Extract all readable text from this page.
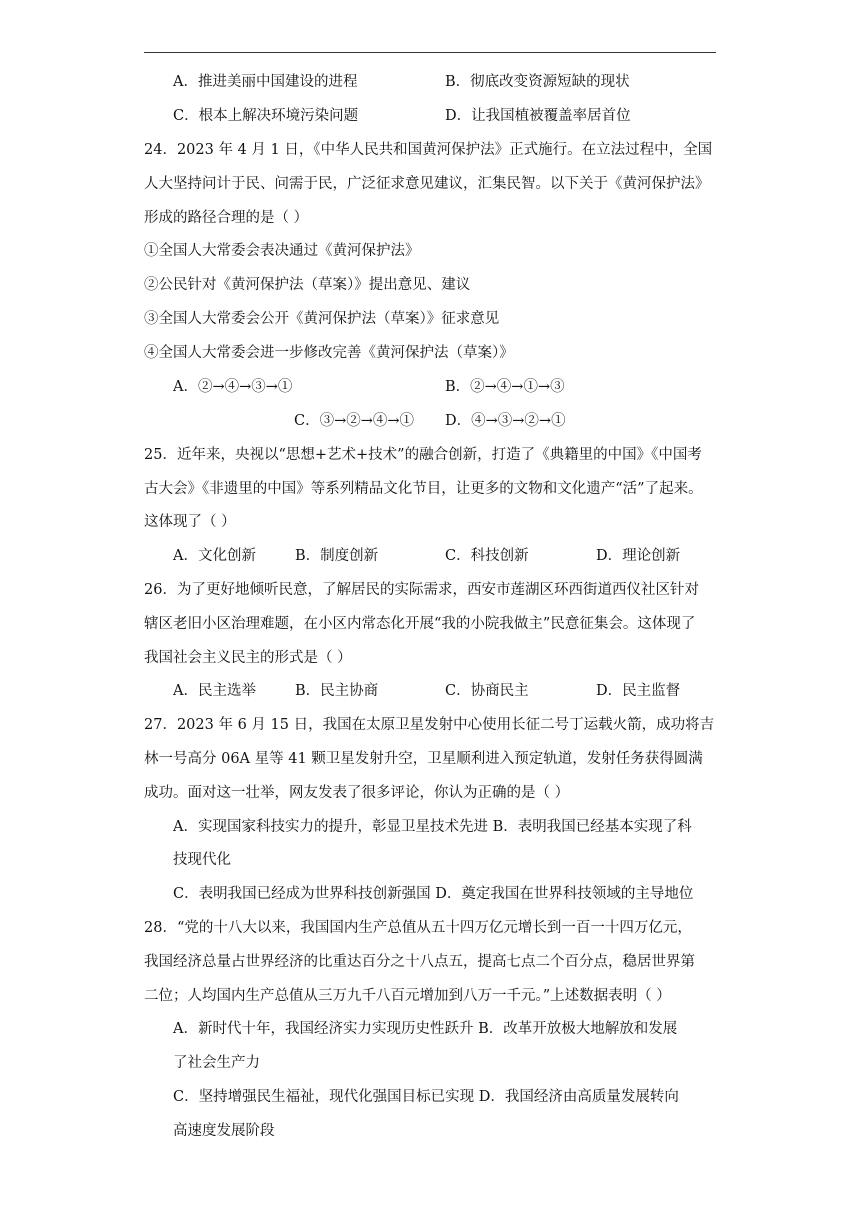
A．推进美丽中国建设的进程	B．彻底改变资源短缺的现状
C．根本上解决环境污染问题	D．让我国植被覆盖率居首位
24．2023 年 4 月 1 日，《中华人民共和国黄河保护法》正式施行。在立法过程中，全国
人大坚持问计于民、问需于民，广泛征求意见建议，汇集民智。以下关于《黄河保护法》
形成的路径合理的是（ ）
①全国人大常委会表决通过《黄河保护法》
②公民针对《黄河保护法（草案）》提出意见、建议
③全国人大常委会公开《黄河保护法（草案）》征求意见
④全国人大常委会进一步修改完善《黄河保护法（草案）》
A．②→④→③→①	B．②→④→①→③
C．③→②→④→① D．④→③→②→①
25．近年来，央视以“思想+艺术+技术”的融合创新，打造了《典籍里的中国》《中国考
古大会》《非遗里的中国》等系列精品文化节目，让更多的文物和文化遗产“活”了起来。
这体现了（ ）
A．文化创新	B．制度创新	C．科技创新	D．理论创新
26．为了更好地倾听民意，了解居民的实际需求，西安市莲湖区环西街道西仪社区针对
辖区老旧小区治理难题，在小区内常态化开展“我的小院我做主”民意征集会。这体现了
我国社会主义民主的形式是（ ）
A．民主选举	B．民主协商	C．协商民主	D．民主监督
27．2023 年 6 月 15 日，我国在太原卫星发射中心使用长征二号丁运载火箭，成功将吉
林一号高分 06A 星等 41 颗卫星发射升空，卫星顺利进入预定轨道，发射任务获得圆满
成功。面对这一壮举，网友发表了很多评论，你认为正确的是（ ）
A．实现国家科技实力的提升，彰显卫星技术先进 B．表明我国已经基本实现了科
技现代化
C．表明我国已经成为世界科技创新强国 D．奠定我国在世界科技领域的主导地位
28．“党的十八大以来，我国国内生产总值从五十四万亿元增长到一百一十四万亿元，
我国经济总量占世界经济的比重达百分之十八点五，提高七点二个百分点，稳居世界第
二位；人均国内生产总值从三万九千八百元增加到八万一千元。”上述数据表明（ ）
A．新时代十年，我国经济实力实现历史性跃升 B．改革开放极大地解放和发展
了社会生产力
C．坚持增强民生福祉，现代化强国目标已实现 D．我国经济由高质量发展转向
高速度发展阶段
